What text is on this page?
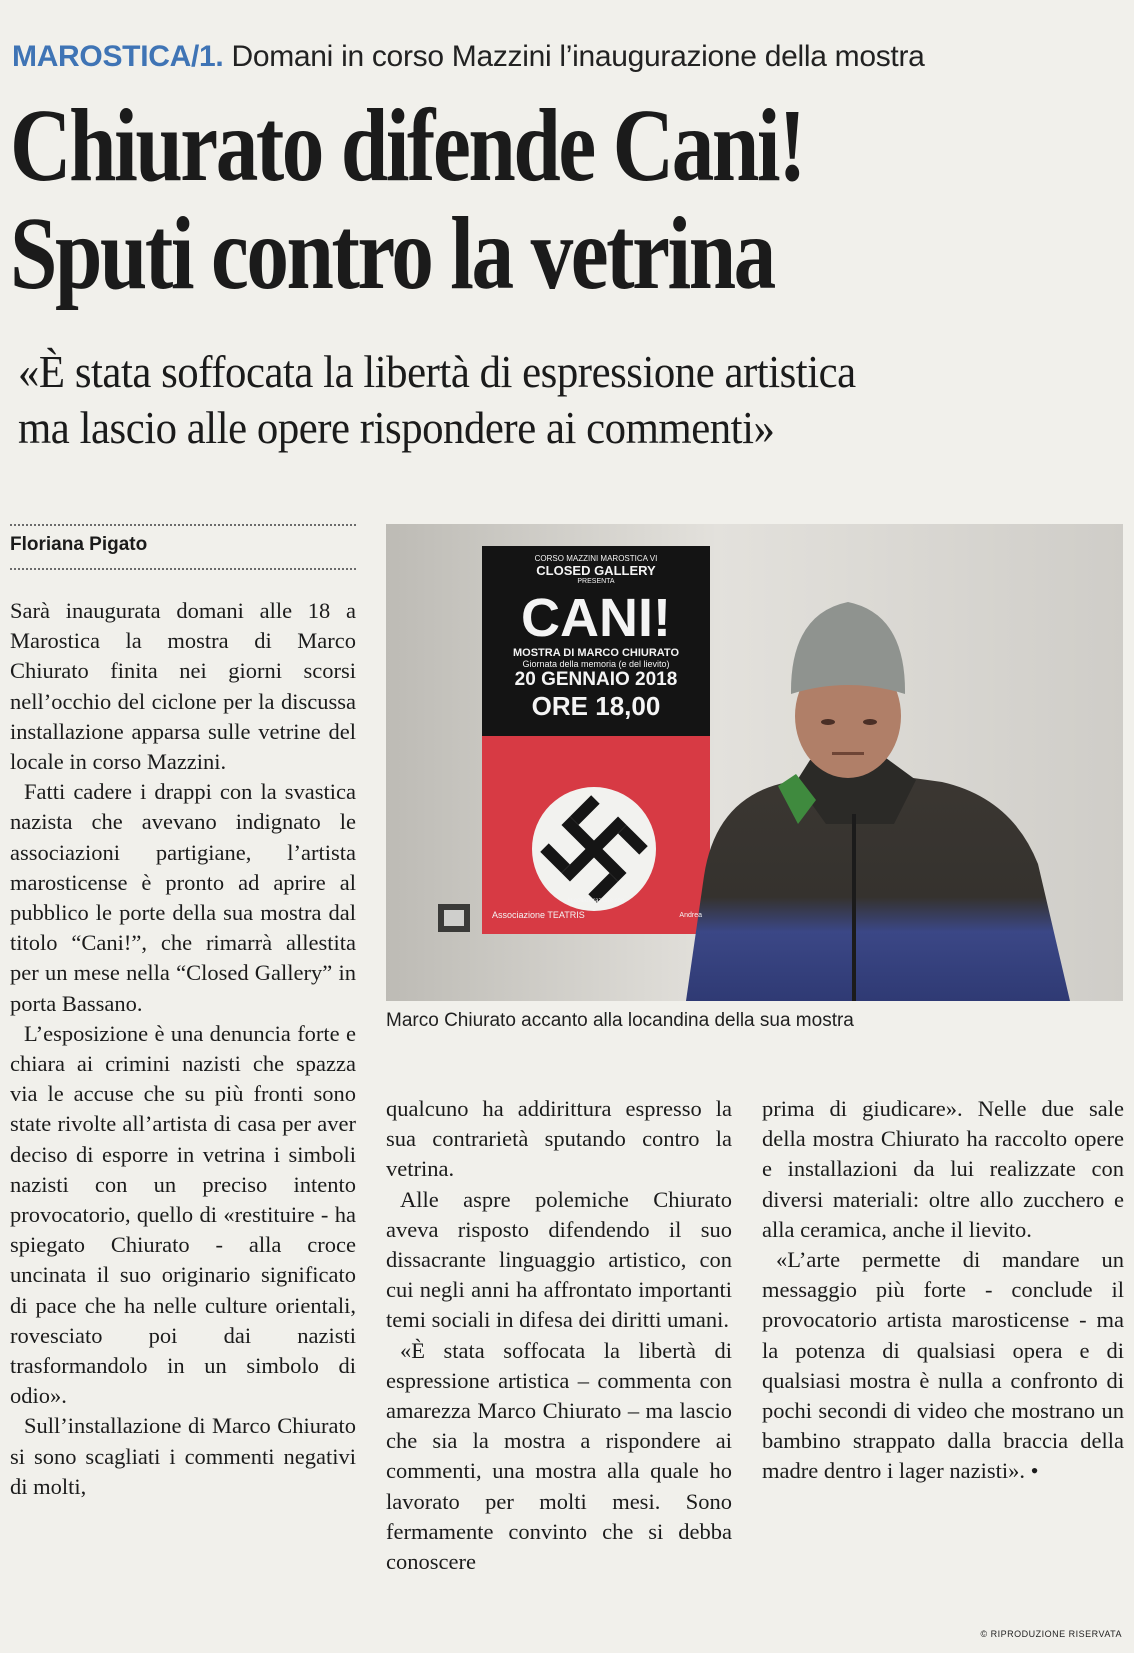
MAROSTICA/1. Domani in corso Mazzini l’inaugurazione della mostra
Chiurato difende Cani!
Sputi contro la vetrina
«È stata soffocata la libertà di espressione artistica
ma lascio alle opere rispondere ai commenti»
Floriana Pigato
CORSO MAZZINI MAROSTICA VI
CLOSED GALLERY
PRESENTA
CANI!
MOSTRA DI MARCO CHIURATO
Giornata della memoria (e del lievito)
20 GENNAIO 2018
ORE 18,00
in collaborazione con
Associazione TEATRIS	Andrea
Marco Chiurato accanto alla locandina della sua mostra

Sarà inaugurata domani alle 18 a Marostica la mostra di Marco Chiurato finita nei giorni scorsi nell’occhio del ciclone per la discussa installazione apparsa sulle vetrine del locale in corso Mazzini.

Fatti cadere i drappi con la svastica nazista che avevano indignato le associazioni partigiane, l’artista marosticense è pronto ad aprire al pubblico le porte della sua mostra dal titolo “Cani!”, che rimarrà allestita per un mese nella “Closed Gallery” in porta Bassano.

L’esposizione è una denuncia forte e chiara ai crimini nazisti che spazza via le accuse che su più fronti sono state rivolte all’artista di casa per aver deciso di esporre in vetrina i simboli nazisti con un preciso intento provocatorio, quello di «restituire - ha spiegato Chiurato - alla croce uncinata il suo originario significato di pace che ha nelle culture orientali, rovesciato poi dai nazisti trasformandolo in un simbolo di odio».

Sull’installazione di Marco Chiurato si sono scagliati i commenti negativi di molti,

qualcuno ha addirittura espresso la sua contrarietà sputando contro la vetrina.

Alle aspre polemiche Chiurato aveva risposto difendendo il suo dissacrante linguaggio artistico, con cui negli anni ha affrontato importanti temi sociali in difesa dei diritti umani.

«È stata soffocata la libertà di espressione artistica – commenta con amarezza Marco Chiurato – ma lascio che sia la mostra a rispondere ai commenti, una mostra alla quale ho lavorato per molti mesi. Sono fermamente convinto che si debba conoscere

prima di giudicare». Nelle due sale della mostra Chiurato ha raccolto opere e installazioni da lui realizzate con diversi materiali: oltre allo zucchero e alla ceramica, anche il lievito.

«L’arte permette di mandare un messaggio più forte - conclude il provocatorio artista marosticense - ma la potenza di qualsiasi opera e di qualsiasi mostra è nulla a confronto di pochi secondi di video che mostrano un bambino strappato dalla braccia della madre dentro i lager nazisti». •

© RIPRODUZIONE RISERVATA
